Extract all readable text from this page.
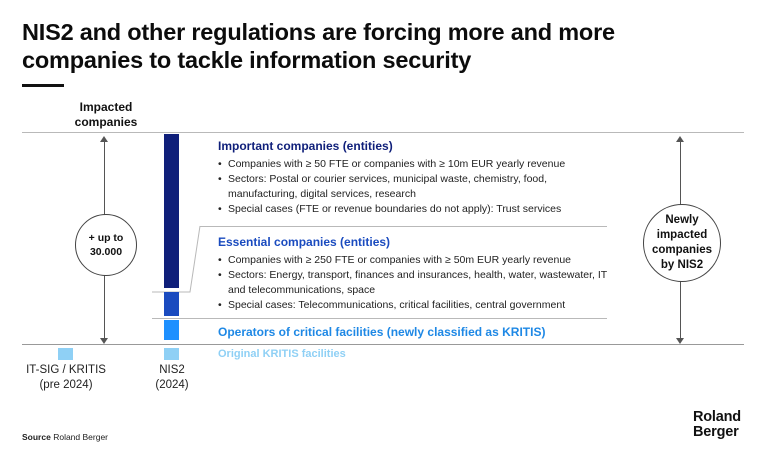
NIS2 and other regulations are forcing more and more companies to tackle information security
Impacted companies
+ up to 30.000
Newly impacted companies by NIS2
Important companies (entities)
• Companies with ≥ 50 FTE or companies with ≥ 10m EUR yearly revenue
• Sectors: Postal or courier services, municipal waste, chemistry, food, manufacturing, digital services, research
• Special cases (FTE or revenue boundaries do not apply): Trust services
Essential companies (entities)
• Companies with ≥ 250 FTE or companies with ≥ 50m EUR yearly revenue
• Sectors: Energy, transport, finances and insurances, health, water, wastewater, IT and telecommunications, space
• Special cases: Telecommunications, critical facilities, central government
Operators of critical facilities (newly classified as KRITIS)
Original KRITIS facilities
IT-SIG / KRITIS
(pre 2024)
NIS2
(2024)
Source Roland Berger
Roland
Berger
